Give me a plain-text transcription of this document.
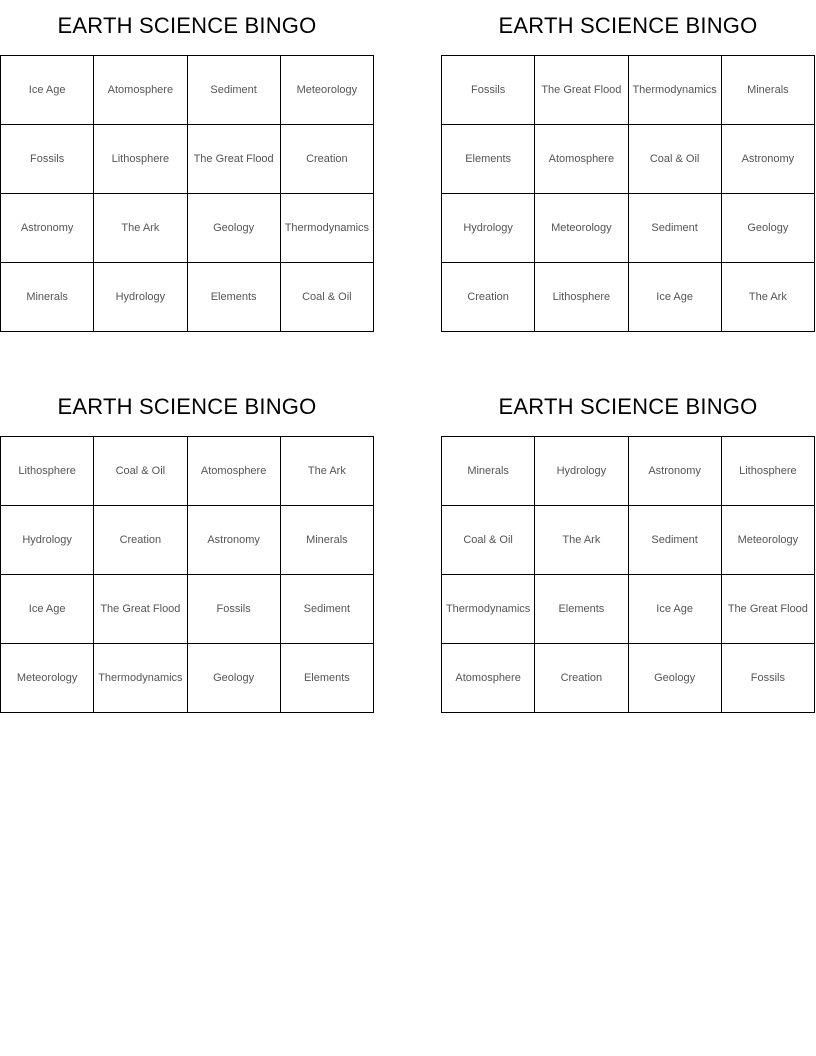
EARTH SCIENCE BINGO
Ice Age	Atomosphere	Sediment	Meteorology
Fossils	Lithosphere	The Great Flood	Creation
Astronomy	The Ark	Geology	Thermodynamics
Minerals	Hydrology	Elements	Coal & Oil
EARTH SCIENCE BINGO
Fossils	The Great Flood	Thermodynamics	Minerals
Elements	Atomosphere	Coal & Oil	Astronomy
Hydrology	Meteorology	Sediment	Geology
Creation	Lithosphere	Ice Age	The Ark
EARTH SCIENCE BINGO
Lithosphere	Coal & Oil	Atomosphere	The Ark
Hydrology	Creation	Astronomy	Minerals
Ice Age	The Great Flood	Fossils	Sediment
Meteorology	Thermodynamics	Geology	Elements
EARTH SCIENCE BINGO
Minerals	Hydrology	Astronomy	Lithosphere
Coal & Oil	The Ark	Sediment	Meteorology
Thermodynamics	Elements	Ice Age	The Great Flood
Atomosphere	Creation	Geology	Fossils
